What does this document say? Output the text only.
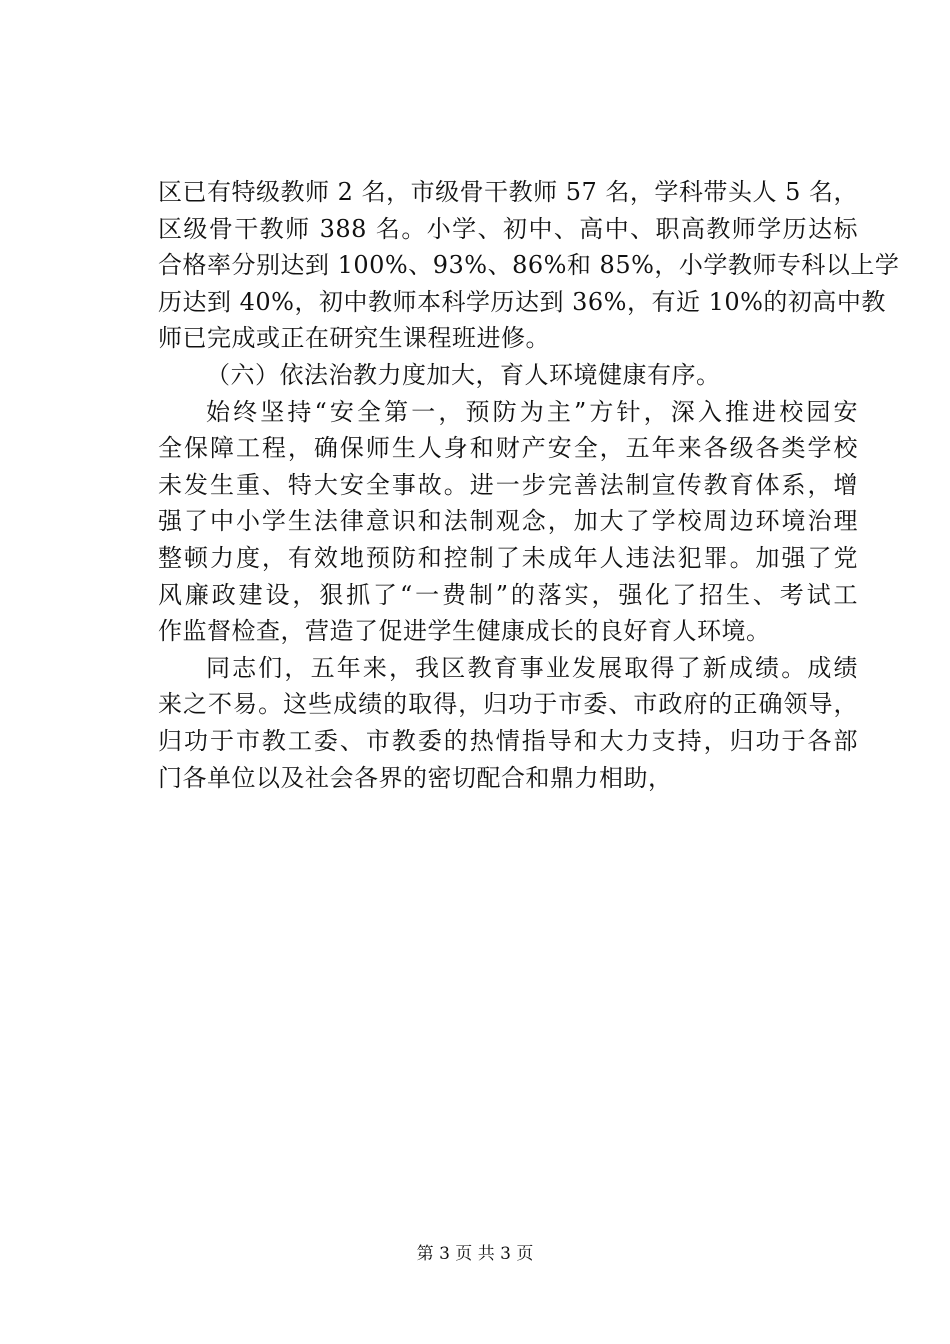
区已有特级教师 2 名，市级骨干教师 57 名，学科带头人 5 名，
区级骨干教师 388 名。小学、初中、高中、职高教师学历达标
合格率分别达到 100%、93%、86%和 85%，小学教师专科以上学
历达到 40%，初中教师本科学历达到 36%，有近 10%的初高中教
师已完成或正在研究生课程班进修。
（六）依法治教力度加大，育人环境健康有序。
始终坚持“安全第一，预防为主”方针，深入推进校园安
全保障工程，确保师生人身和财产安全，五年来各级各类学校
未发生重、特大安全事故。进一步完善法制宣传教育体系，增
强了中小学生法律意识和法制观念，加大了学校周边环境治理
整顿力度，有效地预防和控制了未成年人违法犯罪。加强了党
风廉政建设，狠抓了“一费制”的落实，强化了招生、考试工
作监督检查，营造了促进学生健康成长的良好育人环境。
同志们，五年来，我区教育事业发展取得了新成绩。成绩
来之不易。这些成绩的取得，归功于市委、市政府的正确领导，
归功于市教工委、市教委的热情指导和大力支持，归功于各部
门各单位以及社会各界的密切配合和鼎力相助，
第 3 页 共 3 页
